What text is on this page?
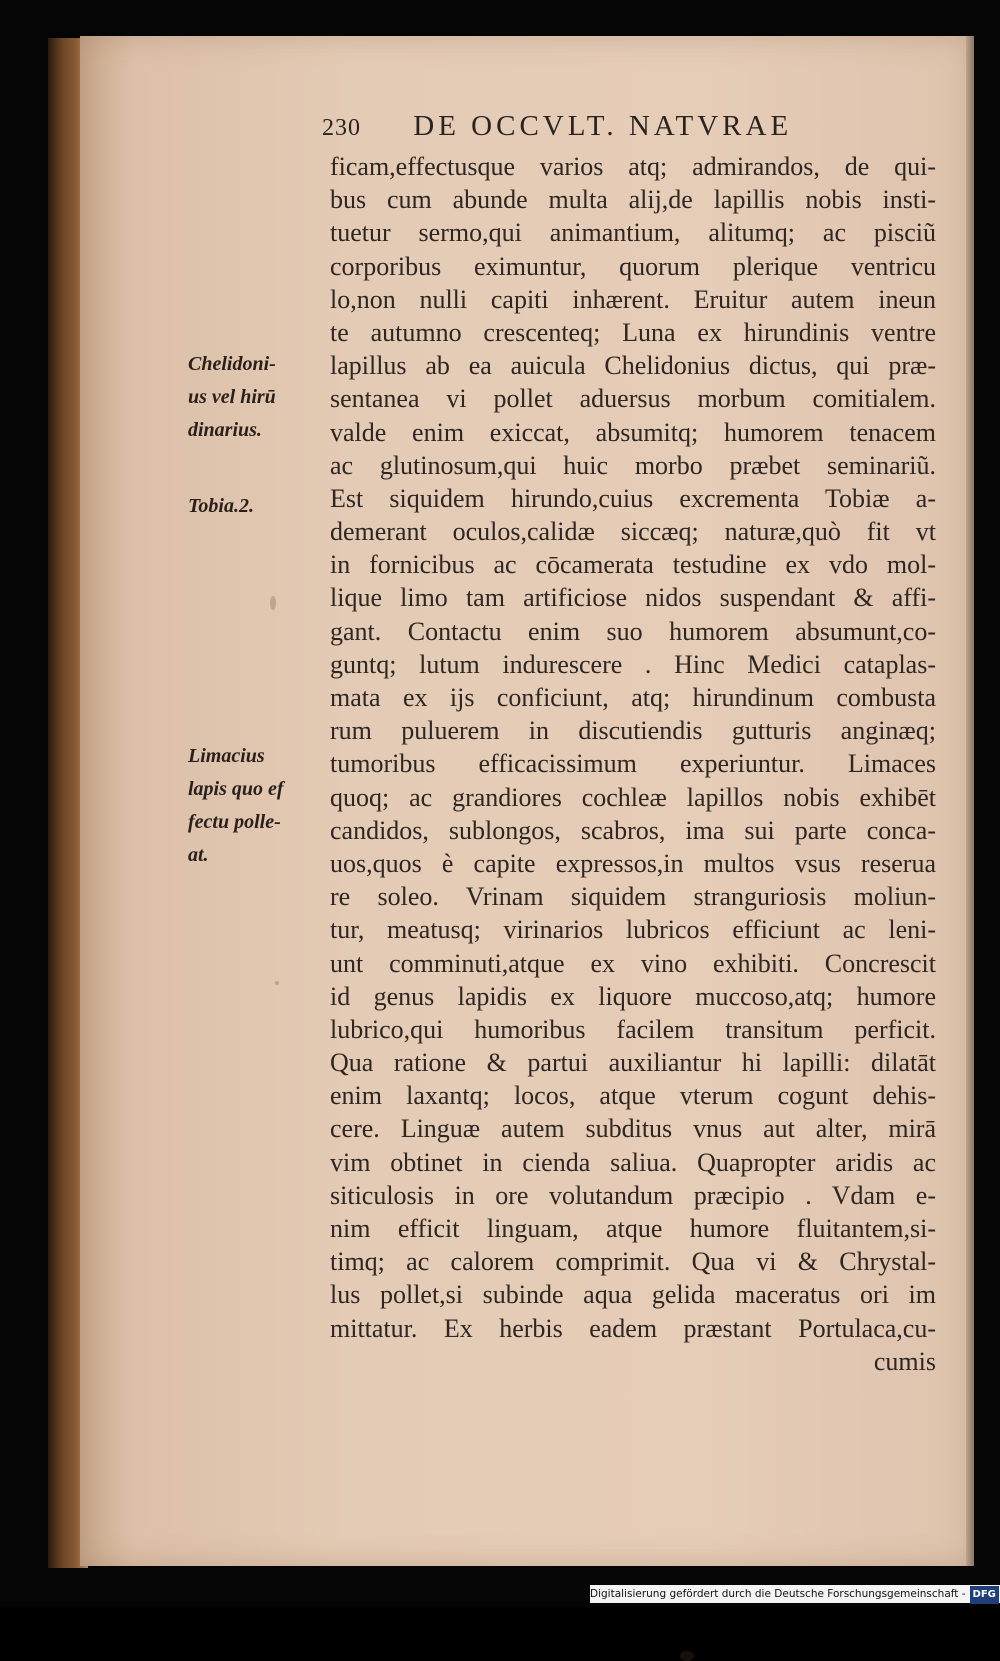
230 DE OCCVLT. NATVRAE
ficam,effectusque varios atq; admirandos, de qui-
bus cum abunde multa alij,de lapillis nobis insti-
tuetur sermo,qui animantium, alitumq; ac pisciũ
corporibus eximuntur, quorum plerique ventricu
lo,non nulli capiti inhærent. Eruitur autem ineun
te autumno crescenteq; Luna ex hirundinis ventre
lapillus ab ea auicula Chelidonius dictus, qui præ-
sentanea vi pollet aduersus morbum comitialem.
valde enim exiccat, absumitq; humorem tenacem
ac glutinosum,qui huic morbo præbet seminariũ.
Est siquidem hirundo,cuius excrementa Tobiæ a-
demerant oculos,calidæ siccæq; naturæ,quò fit vt
in fornicibus ac cōcamerata testudine ex vdo mol-
lique limo tam artificiose nidos suspendant & affi-
gant. Contactu enim suo humorem absumunt,co-
guntq; lutum indurescere . Hinc Medici cataplas-
mata ex ijs conficiunt, atq; hirundinum combusta
rum puluerem in discutiendis gutturis anginæq;
tumoribus efficacissimum experiuntur. Limaces
quoq; ac grandiores cochleæ lapillos nobis exhibēt
candidos, sublongos, scabros, ima sui parte conca-
uos,quos è capite expressos,in multos vsus reserua
re soleo. Vrinam siquidem stranguriosis moliun-
tur, meatusq; virinarios lubricos efficiunt ac leni-
unt comminuti,atque ex vino exhibiti. Concrescit
id genus lapidis ex liquore muccoso,atq; humore
lubrico,qui humoribus facilem transitum perficit.
Qua ratione & partui auxiliantur hi lapilli: dilatāt
enim laxantq; locos, atque vterum cogunt dehis-
cere. Linguæ autem subditus vnus aut alter, mirā
vim obtinet in cienda saliua. Quapropter aridis ac
siticulosis in ore volutandum præcipio . Vdam e-
nim efficit linguam, atque humore fluitantem,si-
timq; ac calorem comprimit. Qua vi & Chrystal-
lus pollet,si subinde aqua gelida maceratus ori im
mittatur. Ex herbis eadem præstant Portulaca,cu-
cumis
Chelidoni-
us vel hirū
dinarius.
Tobia.2.
Limacius
lapis quo ef
fectu polle-
at.
Digitalisierung gefördert durch die Deutsche Forschungsgemeinschaft - DFG
